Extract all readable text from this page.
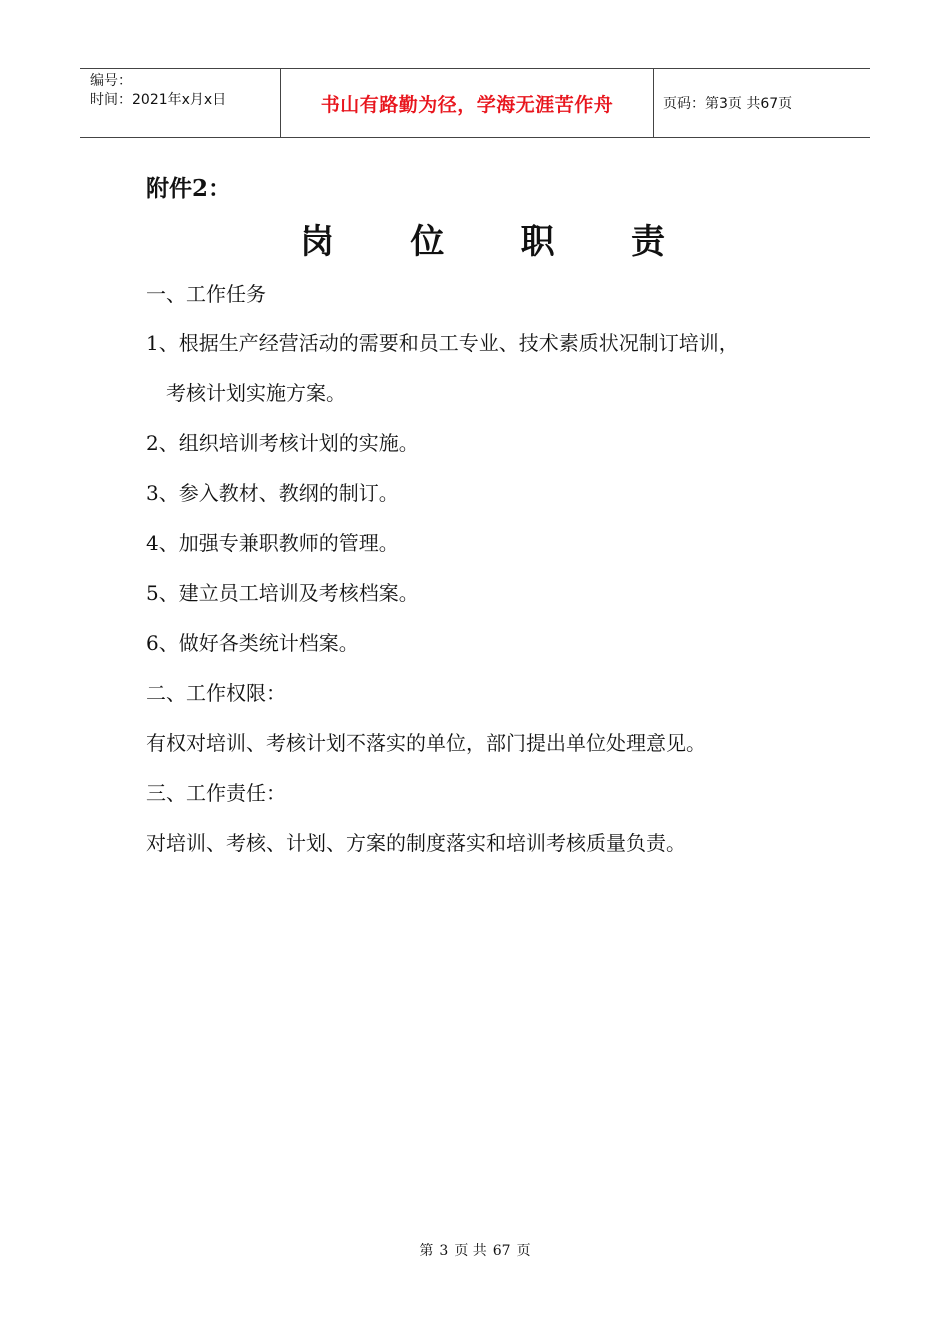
编号：
时间：2021年x月x日	书山有路勤为径，学海无涯苦作舟	页码：第3页 共67页
附件2：
岗 位 职 责
一、工作任务
1、根据生产经营活动的需要和员工专业、技术素质状况制订培训，
考核计划实施方案。
2、组织培训考核计划的实施。
3、参入教材、教纲的制订。
4、加强专兼职教师的管理。
5、建立员工培训及考核档案。
6、做好各类统计档案。
二、工作权限：
有权对培训、考核计划不落实的单位，部门提出单位处理意见。
三、工作责任：
对培训、考核、计划、方案的制度落实和培训考核质量负责。
第 3 页 共 67 页
